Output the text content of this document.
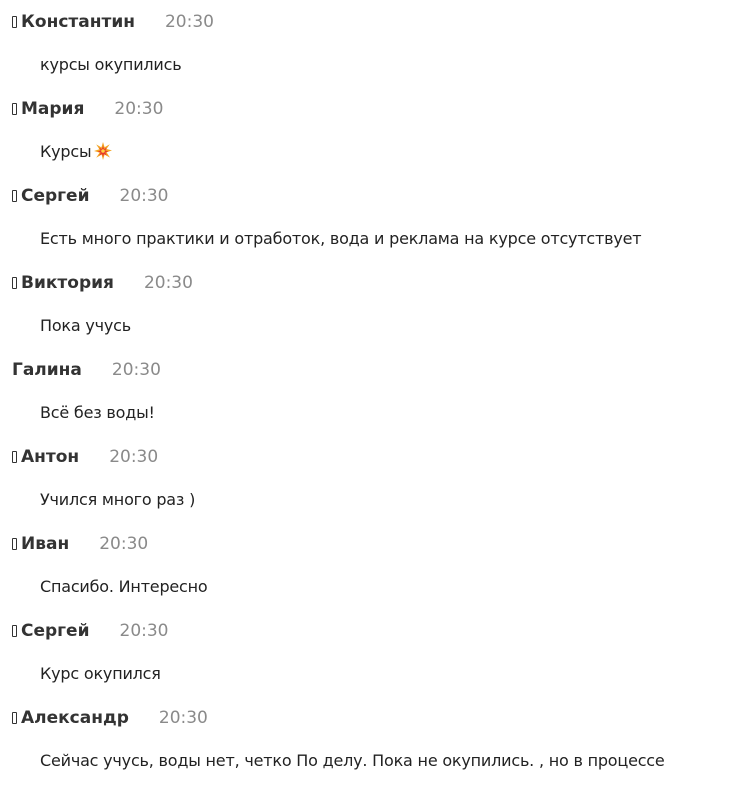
Константин 20:30
курсы окупились
Мария 20:30
Курсы
Сергей 20:30
Есть много практики и отработок, вода и реклама на курсе отсутствует
Виктория 20:30
Пока учусь
Галина 20:30
Всё без воды!
Антон 20:30
Учился много раз )
Иван 20:30
Спасибо. Интересно
Сергей 20:30
Курс окупился
Александр 20:30
Сейчас учусь, воды нет, четко По делу. Пока не окупились. , но в процессе
